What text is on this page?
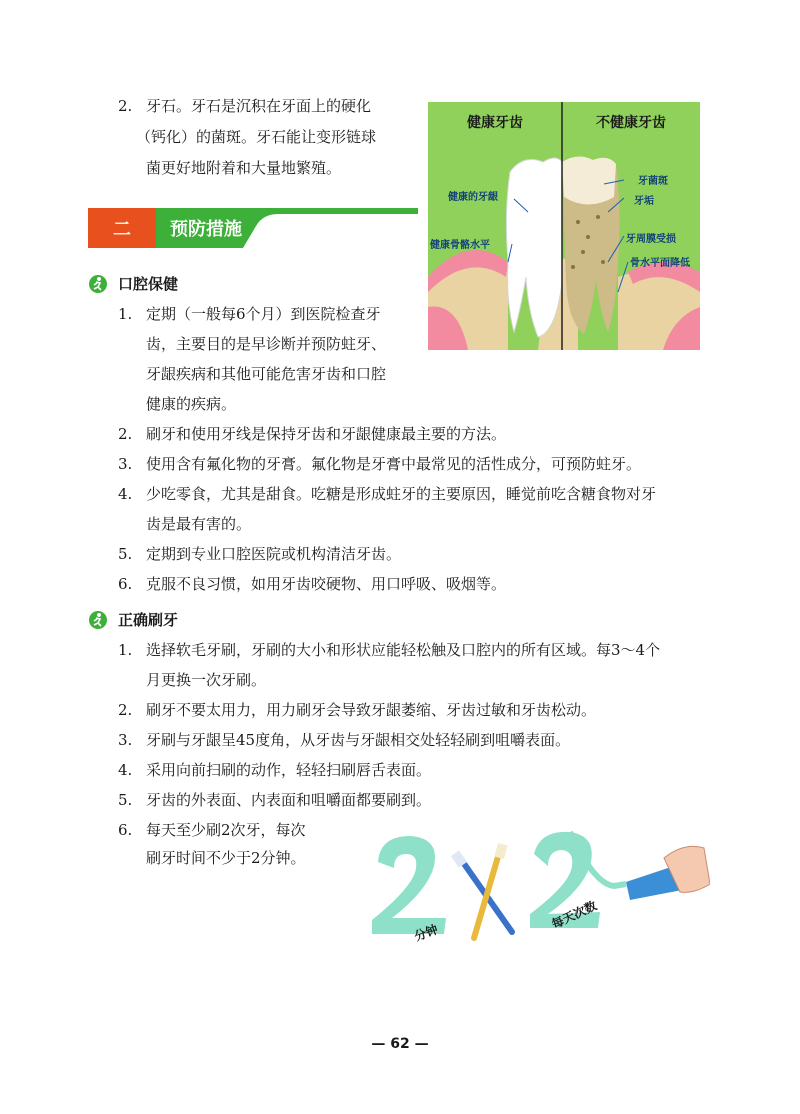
2. 牙石。牙石是沉积在牙面上的硬化
（钙化）的菌斑。牙石能让变形链球
菌更好地附着和大量地繁殖。
二	预防措施
健康牙齿	不健康牙齿
健康的牙龈
健康骨骼水平
牙菌斑
牙垢
牙周膜受损
骨水平面降低
口腔保健
1. 定期（一般每6个月）到医院检查牙
齿，主要目的是早诊断并预防蛀牙、
牙龈疾病和其他可能危害牙齿和口腔
健康的疾病。
2. 刷牙和使用牙线是保持牙齿和牙龈健康最主要的方法。
3. 使用含有氟化物的牙膏。氟化物是牙膏中最常见的活性成分，可预防蛀牙。
4. 少吃零食，尤其是甜食。吃糖是形成蛀牙的主要原因，睡觉前吃含糖食物对牙
齿是最有害的。
5. 定期到专业口腔医院或机构清洁牙齿。
6. 克服不良习惯，如用牙齿咬硬物、用口呼吸、吸烟等。
正确刷牙
1. 选择软毛牙刷，牙刷的大小和形状应能轻松触及口腔内的所有区域。每3～4个
月更换一次牙刷。
2. 刷牙不要太用力，用力刷牙会导致牙龈萎缩、牙齿过敏和牙齿松动。
3. 牙刷与牙龈呈45度角，从牙齿与牙龈相交处轻轻刷到咀嚼表面。
4. 采用向前扫刷的动作，轻轻扫刷唇舌表面。
5. 牙齿的外表面、内表面和咀嚼面都要刷到。
6. 每天至少刷2次牙，每次
刷牙时间不少于2分钟。
分钟
每天次数
— 62 —
